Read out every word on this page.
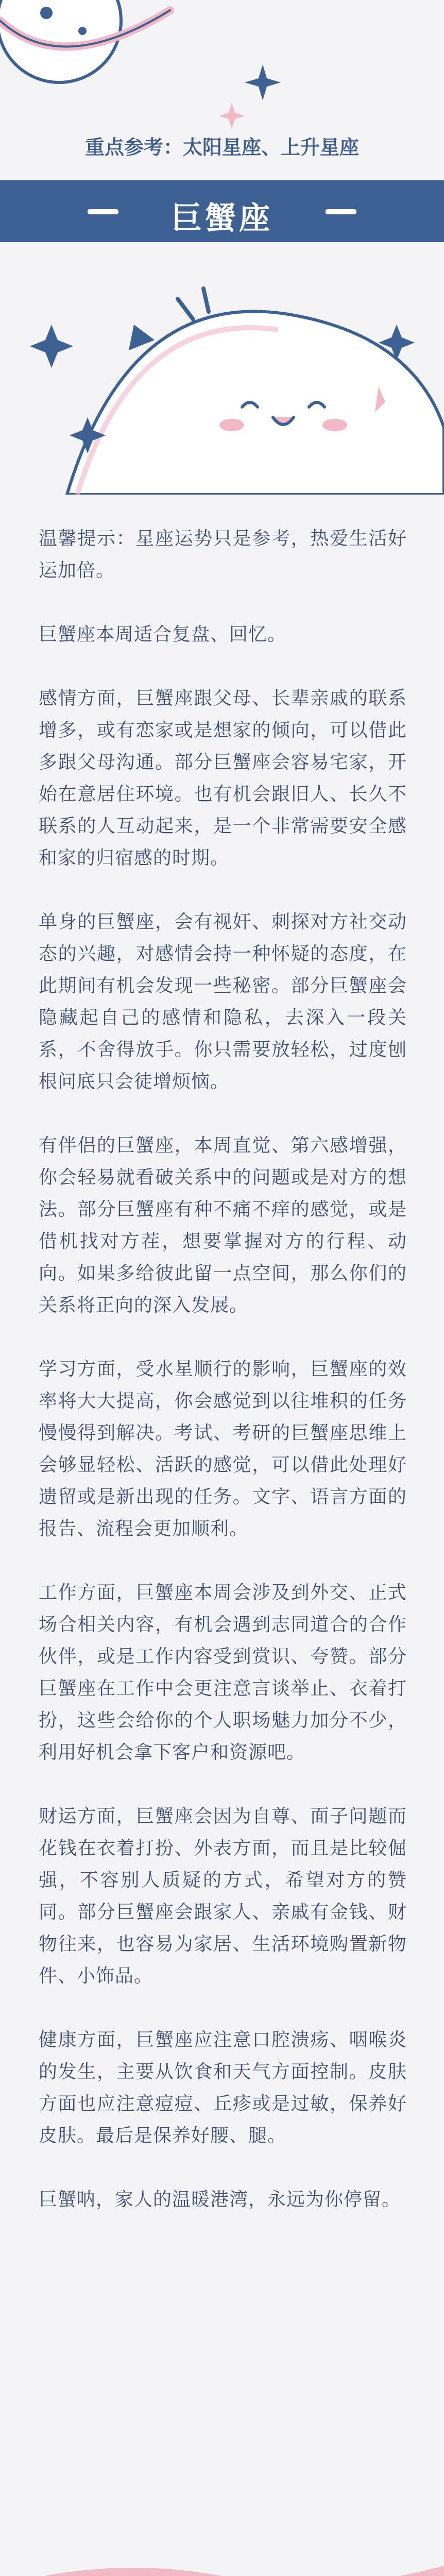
重点参考：太阳星座、上升星座
巨蟹座

温馨提示：星座运势只是参考，热爱生活好运加倍。

巨蟹座本周适合复盘、回忆。

感情方面，巨蟹座跟父母、长辈亲戚的联系增多，或有恋家或是想家的倾向，可以借此多跟父母沟通。部分巨蟹座会容易宅家，开始在意居住环境。也有机会跟旧人、长久不联系的人互动起来，是一个非常需要安全感和家的归宿感的时期。

单身的巨蟹座，会有视奸、刺探对方社交动态的兴趣，对感情会持一种怀疑的态度，在此期间有机会发现一些秘密。部分巨蟹座会隐藏起自己的感情和隐私，去深入一段关系，不舍得放手。你只需要放轻松，过度刨根问底只会徒增烦恼。

有伴侣的巨蟹座，本周直觉、第六感增强，你会轻易就看破关系中的问题或是对方的想法。部分巨蟹座有种不痛不痒的感觉，或是借机找对方茬，想要掌握对方的行程、动向。如果多给彼此留一点空间，那么你们的关系将正向的深入发展。

学习方面，受水星顺行的影响，巨蟹座的效率将大大提高，你会感觉到以往堆积的任务慢慢得到解决。考试、考研的巨蟹座思维上会够显轻松、活跃的感觉，可以借此处理好遗留或是新出现的任务。文字、语言方面的报告、流程会更加顺利。

工作方面，巨蟹座本周会涉及到外交、正式场合相关内容，有机会遇到志同道合的合作伙伴，或是工作内容受到赏识、夸赞。部分巨蟹座在工作中会更注意言谈举止、衣着打扮，这些会给你的个人职场魅力加分不少，利用好机会拿下客户和资源吧。

财运方面，巨蟹座会因为自尊、面子问题而花钱在衣着打扮、外表方面，而且是比较倔强，不容别人质疑的方式，希望对方的赞同。部分巨蟹座会跟家人、亲戚有金钱、财物往来，也容易为家居、生活环境购置新物件、小饰品。

健康方面，巨蟹座应注意口腔溃疡、咽喉炎的发生，主要从饮食和天气方面控制。皮肤方面也应注意痘痘、丘疹或是过敏，保养好皮肤。最后是保养好腰、腿。

巨蟹呐，家人的温暖港湾，永远为你停留。
